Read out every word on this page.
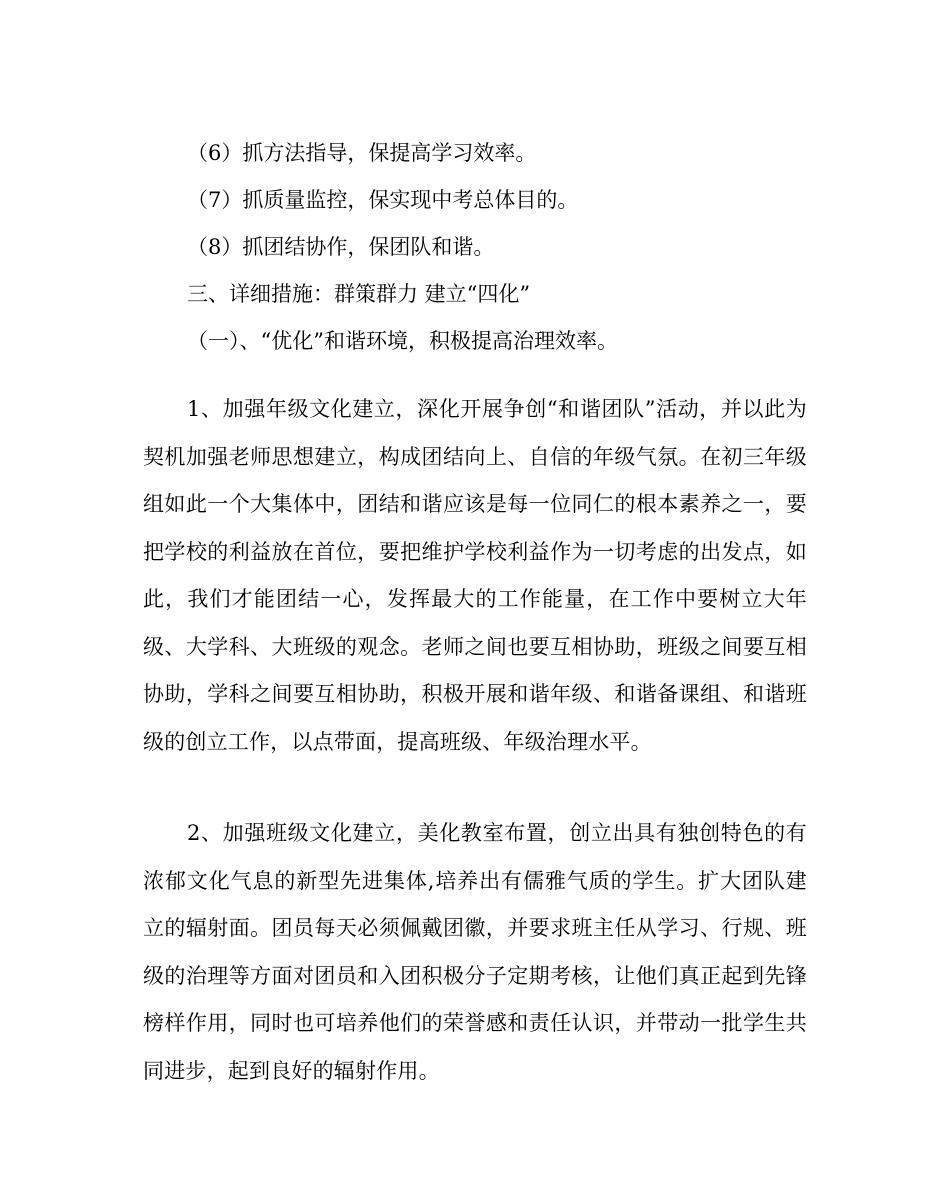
（6）抓方法指导，保提高学习效率。
（7）抓质量监控，保实现中考总体目的。
（8）抓团结协作，保团队和谐。
三、详细措施：群策群力 建立“四化”
（一）、“优化”和谐环境，积极提高治理效率。

1、加强年级文化建立，深化开展争创“和谐团队”活动，并以此为契机加强老师思想建立，构成团结向上、自信的年级气氛。在初三年级组如此一个大集体中，团结和谐应该是每一位同仁的根本素养之一，要把学校的利益放在首位，要把维护学校利益作为一切考虑的出发点，如此，我们才能团结一心，发挥最大的工作能量，在工作中要树立大年级、大学科、大班级的观念。老师之间也要互相协助，班级之间要互相协助，学科之间要互相协助，积极开展和谐年级、和谐备课组、和谐班级的创立工作，以点带面，提高班级、年级治理水平。

2、加强班级文化建立，美化教室布置，创立出具有独创特色的有浓郁文化气息的新型先进集体,培养出有儒雅气质的学生。扩大团队建立的辐射面。团员每天必须佩戴团徽，并要求班主任从学习、行规、班级的治理等方面对团员和入团积极分子定期考核，让他们真正起到先锋榜样作用，同时也可培养他们的荣誉感和责任认识，并带动一批学生共同进步，起到良好的辐射作用。
